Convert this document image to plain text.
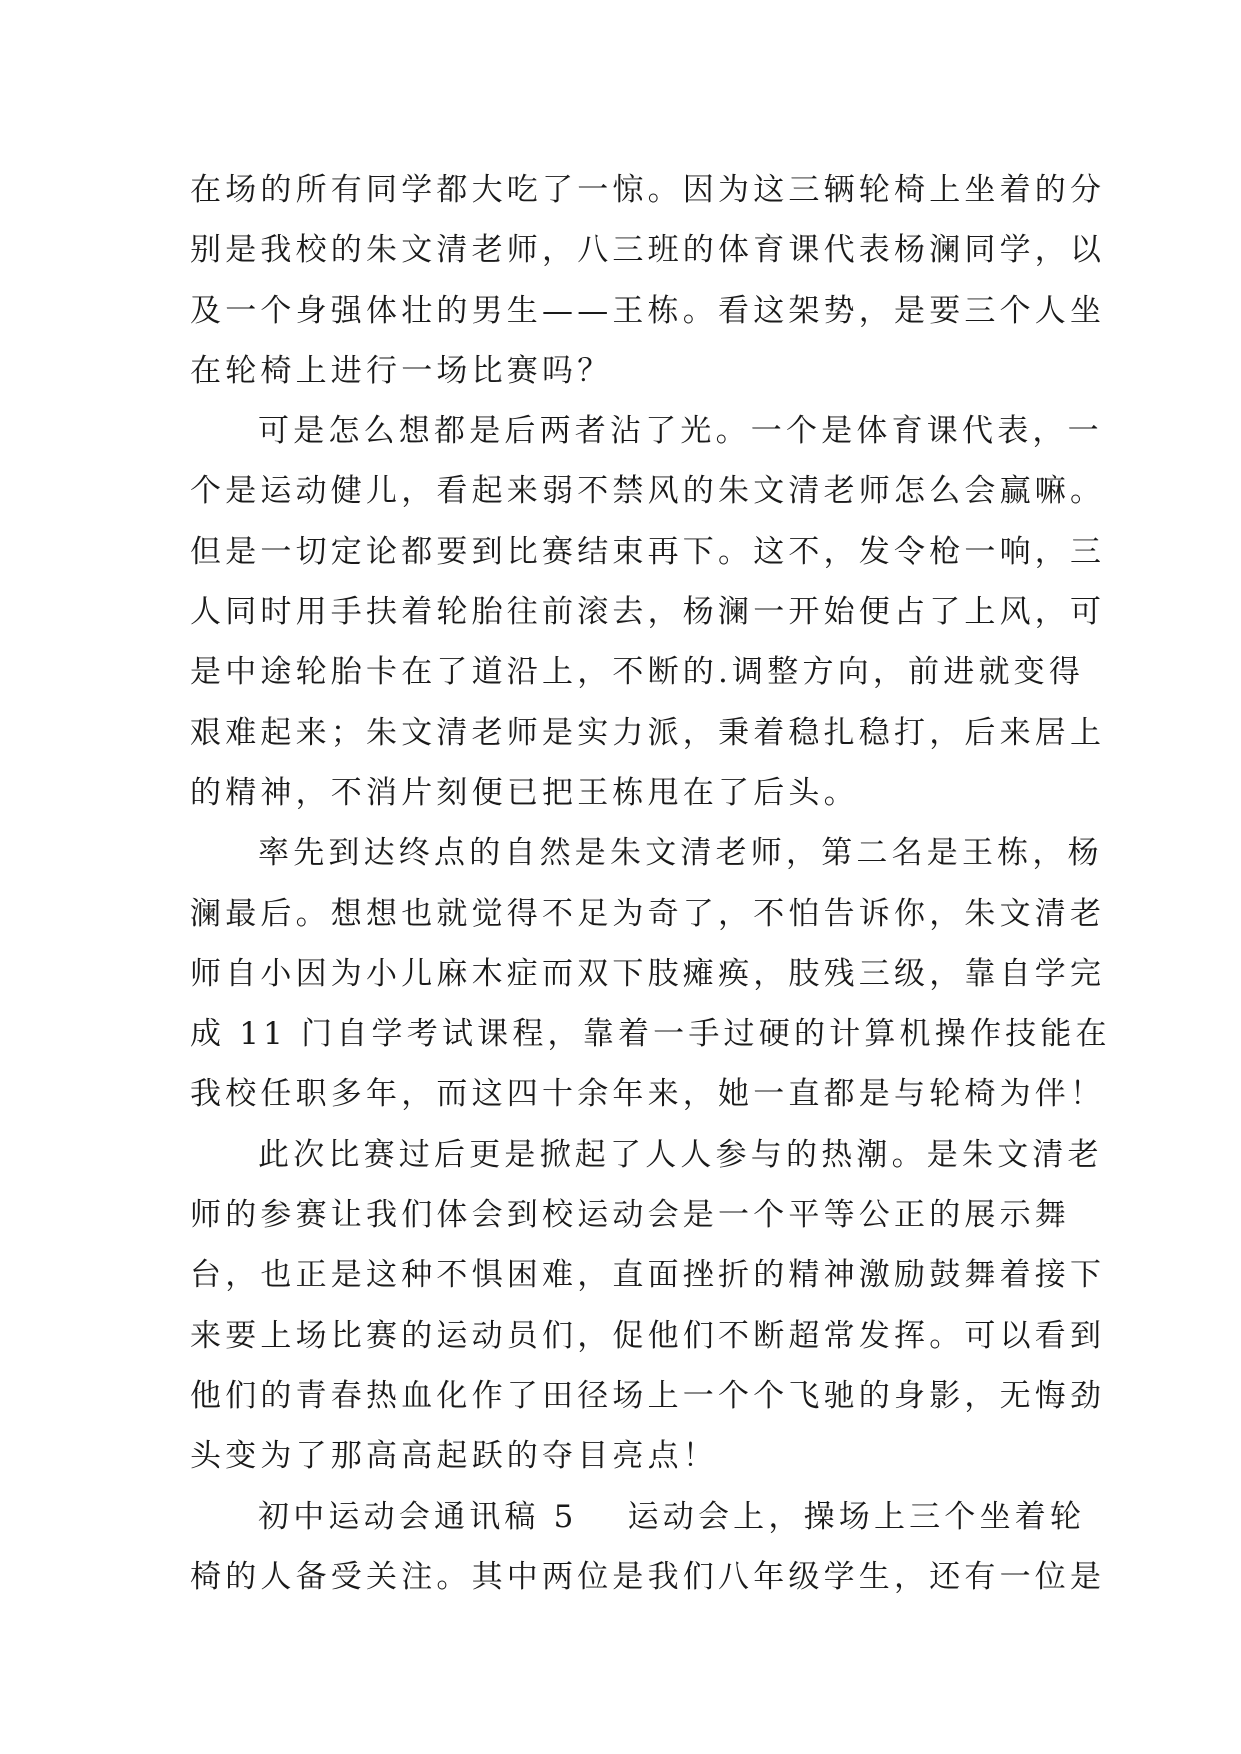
在场的所有同学都大吃了一惊。因为这三辆轮椅上坐着的分
别是我校的朱文清老师，八三班的体育课代表杨澜同学，以
及一个身强体壮的男生——王栋。看这架势，是要三个人坐
在轮椅上进行一场比赛吗？
可是怎么想都是后两者沾了光。一个是体育课代表，一
个是运动健儿，看起来弱不禁风的朱文清老师怎么会赢嘛。
但是一切定论都要到比赛结束再下。这不，发令枪一响，三
人同时用手扶着轮胎往前滚去，杨澜一开始便占了上风，可
是中途轮胎卡在了道沿上，不断的.调整方向，前进就变得
艰难起来；朱文清老师是实力派，秉着稳扎稳打，后来居上
的精神，不消片刻便已把王栋甩在了后头。
率先到达终点的自然是朱文清老师，第二名是王栋，杨
澜最后。想想也就觉得不足为奇了，不怕告诉你，朱文清老
师自小因为小儿麻木症而双下肢瘫痪，肢残三级，靠自学完
成 11 门自学考试课程，靠着一手过硬的计算机操作技能在
我校任职多年，而这四十余年来，她一直都是与轮椅为伴！
此次比赛过后更是掀起了人人参与的热潮。是朱文清老
师的参赛让我们体会到校运动会是一个平等公正的展示舞
台，也正是这种不惧困难，直面挫折的精神激励鼓舞着接下
来要上场比赛的运动员们，促他们不断超常发挥。可以看到
他们的青春热血化作了田径场上一个个飞驰的身影，无悔劲
头变为了那高高起跃的夺目亮点！
初中运动会通讯稿 5 运动会上，操场上三个坐着轮
椅的人备受关注。其中两位是我们八年级学生，还有一位是
